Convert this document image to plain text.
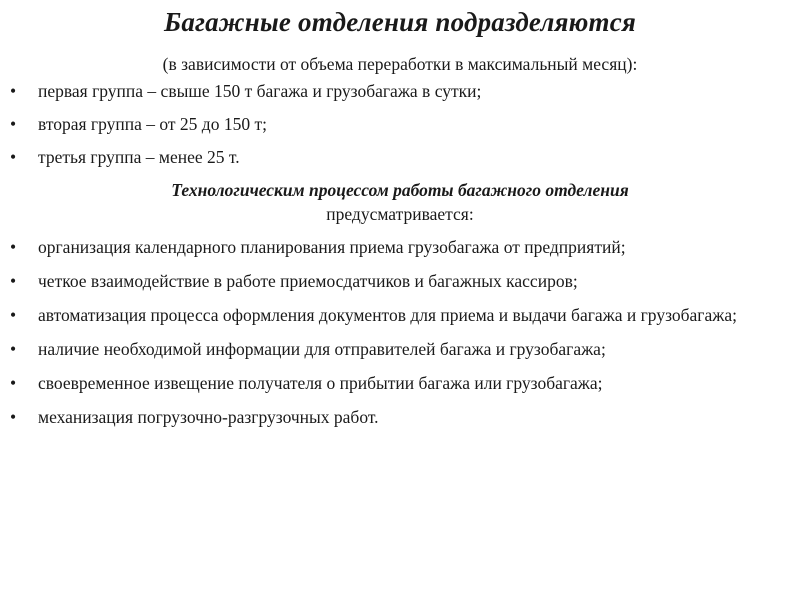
Багажные отделения подразделяются
(в зависимости от объема переработки в максимальный месяц):
•	первая группа – свыше 150 т багажа и грузобагажа в сутки;
•	вторая группа – от 25 до 150 т;
•	третья группа – менее 25 т.
Технологическим процессом работы багажного отделения
предусматривается:
•	организация календарного планирования приема грузобагажа от предприятий;
•	четкое взаимодействие в работе приемосдатчиков и багажных кассиров;
•	автоматизация процесса оформления документов для приема и выдачи багажа и грузобагажа;
•	наличие необходимой информации для отправителей багажа и грузобагажа;
•	своевременное извещение получателя о прибытии багажа или грузобагажа;
•	механизация погрузочно-разгрузочных работ.
